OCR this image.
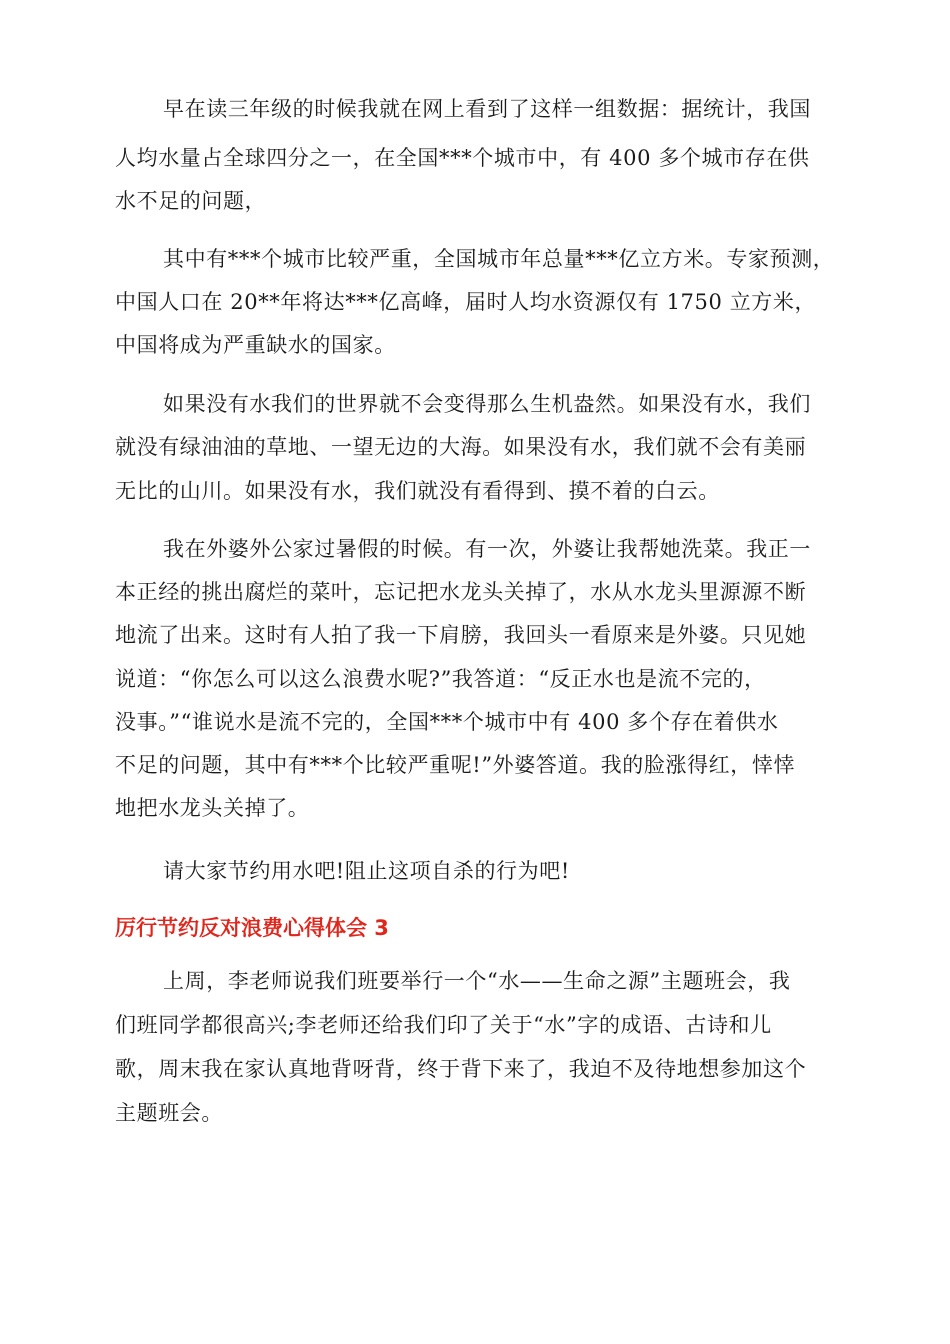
早在读三年级的时候我就在网上看到了这样一组数据：据统计，我国
人均水量占全球四分之一，在全国***个城市中，有 400 多个城市存在供
水不足的问题，
其中有***个城市比较严重，全国城市年总量***亿立方米。专家预测，
中国人口在 20**年将达***亿高峰，届时人均水资源仅有 1750 立方米，
中国将成为严重缺水的国家。
如果没有水我们的世界就不会变得那么生机盎然。如果没有水，我们
就没有绿油油的草地、一望无边的大海。如果没有水，我们就不会有美丽
无比的山川。如果没有水，我们就没有看得到、摸不着的白云。
我在外婆外公家过暑假的时候。有一次，外婆让我帮她洗菜。我正一
本正经的挑出腐烂的菜叶，忘记把水龙头关掉了，水从水龙头里源源不断
地流了出来。这时有人拍了我一下肩膀，我回头一看原来是外婆。只见她
说道：“你怎么可以这么浪费水呢?”我答道：“反正水也是流不完的，
没事。”“谁说水是流不完的，全国***个城市中有 400 多个存在着供水
不足的问题，其中有***个比较严重呢!”外婆答道。我的脸涨得红，悻悻
地把水龙头关掉了。
请大家节约用水吧!阻止这项自杀的行为吧!
厉行节约反对浪费心得体会 3
上周，李老师说我们班要举行一个“水——生命之源”主题班会，我
们班同学都很高兴;李老师还给我们印了关于“水”字的成语、古诗和儿
歌，周末我在家认真地背呀背，终于背下来了，我迫不及待地想参加这个
主题班会。
